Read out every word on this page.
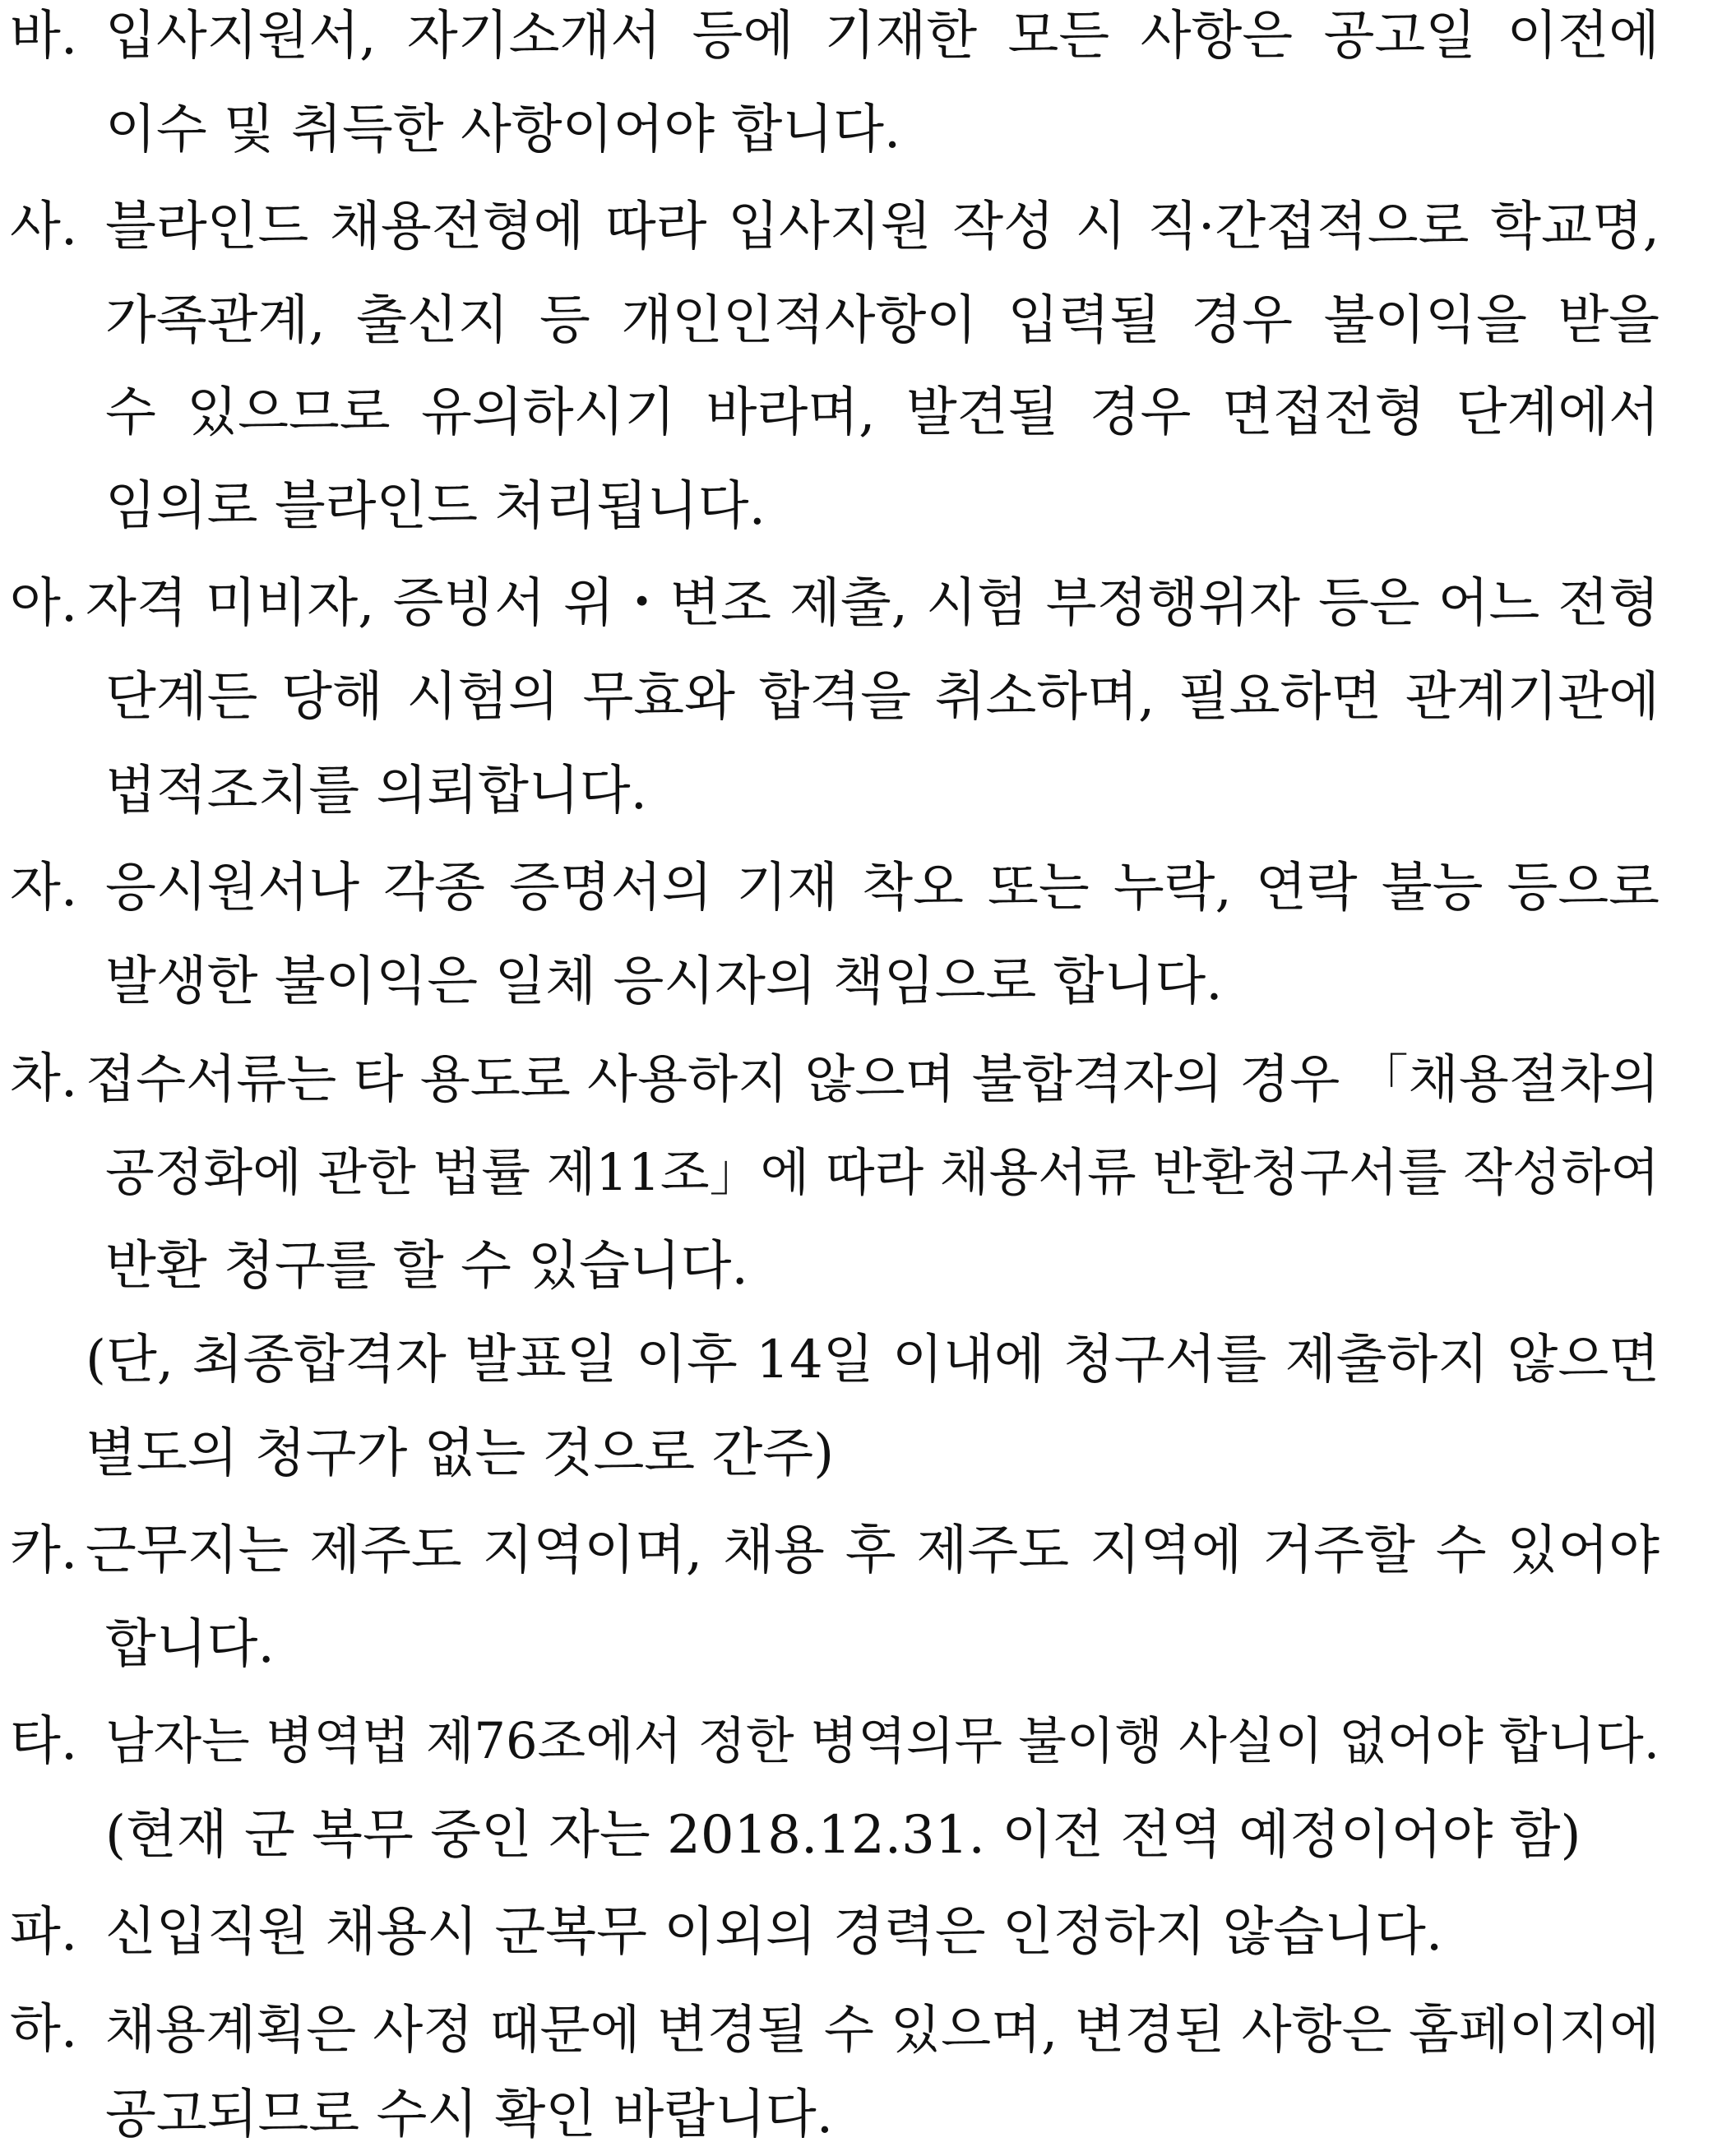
바. 입사지원서, 자기소개서 등에 기재한 모든 사항은 공고일 이전에
이수 및 취득한 사항이어야 합니다.
사. 블라인드 채용전형에 따라 입사지원 작성 시 직·간접적으로 학교명,
가족관계, 출신지 등 개인인적사항이 입력될 경우 불이익을 받을
수 있으므로 유의하시기 바라며, 발견될 경우 면접전형 단계에서
임의로 블라인드 처리됩니다.
아. 자격 미비자, 증빙서 위・변조 제출, 시험 부정행위자 등은 어느 전형
단계든 당해 시험의 무효와 합격을 취소하며, 필요하면 관계기관에
법적조치를 의뢰합니다.
자. 응시원서나 각종 증명서의 기재 착오 또는 누락, 연락 불능 등으로
발생한 불이익은 일체 응시자의 책임으로 합니다.
차. 접수서류는 타 용도로 사용하지 않으며 불합격자의 경우 「채용절차의
공정화에 관한 법률 제11조」에 따라 채용서류 반환청구서를 작성하여
반환 청구를 할 수 있습니다.
(단, 최종합격자 발표일 이후 14일 이내에 청구서를 제출하지 않으면
별도의 청구가 없는 것으로 간주)
카. 근무지는 제주도 지역이며, 채용 후 제주도 지역에 거주할 수 있어야
합니다.
타. 남자는 병역법 제76조에서 정한 병역의무 불이행 사실이 없어야 합니다.
(현재 군 복무 중인 자는 2018.12.31. 이전 전역 예정이어야 함)
파. 신입직원 채용시 군복무 이외의 경력은 인정하지 않습니다.
하. 채용계획은 사정 때문에 변경될 수 있으며, 변경된 사항은 홈페이지에
공고되므로 수시 확인 바랍니다.
